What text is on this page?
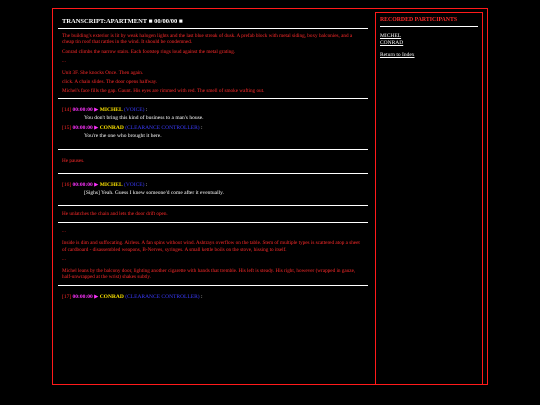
TRANSCRIPT:APARTMENT ■ 00/00/00 ■

The building's exterior is lit by weak halogen lights and the last blue streak of dusk. A prefab block with metal siding, boxy balconies, and a cheap tin roof that rattles in the wind. It should be condemned.

Conrad climbs the narrow stairs. Each footstep rings loud against the metal grating.

...

Unit 3F. She knocks Once. Then again.

click. A chain slides. The door opens halfway.

Michel's face fills the gap. Gaunt. His eyes are rimmed with red. The smell of smoke wafting out.

[14] 00:00:00 ▶ MICHEL (VOICE) :
You don't bring this kind of business to a man's house.
[15] 00:00:00 ▶ CONRAD (CLEARANCE CONTROLLER) :
You're the one who brought it here.

He pauses.

[16] 00:00:00 ▶ MICHEL (VOICE) :
[Sighs] Yeah. Guess I knew someone'd come after it eventually.

He unlatches the chain and lets the door drift open.

...

Inside is dim and suffocating. Airless. A fan spins without wind. Ashtrays overflow on the table. Stem of multiple types is scattered atop a sheet of cardboard - disassembled weapons, B-Nerves, syringes. A small kettle boils on the stove, hissing to itself.

...

Michel leans by the balcony door, lighting another cigarette with hands that tremble. His left is steady. His right, however (wrapped in gauze, half-unwrapped at the wrist) shakes subtly.

[17] 00:00:00 ▶ CONRAD (CLEARANCE CONTROLLER) :
RECORDED PARTICIPANTS
MICHEL
CONRAD
Return to Index
